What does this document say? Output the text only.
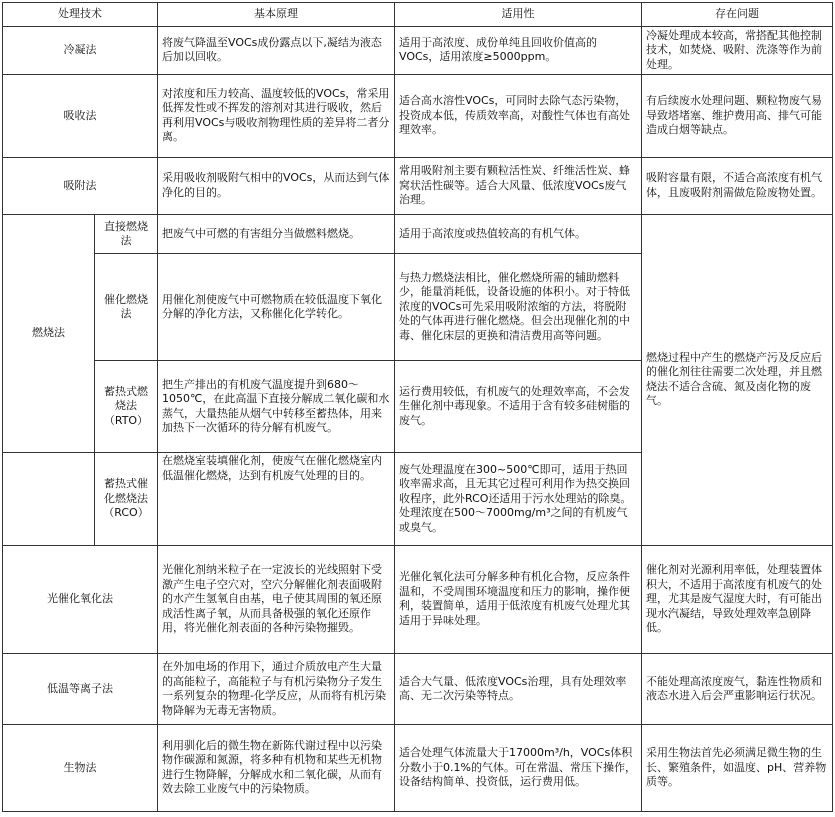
处理技术		基本原理	适用性	存在问题
冷凝法		将废气降温至VOCs成份露点以下,凝结为液态后加以回收。	适用于高浓度、成份单纯且回收价值高的VOCs，适用浓度≥5000ppm。	冷凝处理成本较高，常搭配其他控制技术，如焚烧、吸附、洗涤等作为前处理。
吸收法		对浓度和压力较高、温度较低的VOCs，常采用低挥发性或不挥发的溶剂对其进行吸收，然后再利用VOCs与吸收剂物理性质的差异将二者分离。	适合高水溶性VOCs，可同时去除气态污染物，投资成本低，传质效率高，对酸性气体也有高处理效率。	有后续废水处理问题、颗粒物废气易导致塔堵塞、维护费用高、排气可能造成白烟等缺点。
吸附法		采用吸收剂吸附气相中的VOCs，从而达到气体净化的目的。	常用吸附剂主要有颗粒活性炭、纤维活性炭、蜂窝状活性碳等。适合大风量、低浓度VOCs废气治理。	吸附容量有限，不适合高浓度有机气体，且废吸附剂需做危险废物处置。
燃烧法	直接燃烧法	把废气中可燃的有害组分当做燃料燃烧。	适用于高浓度或热值较高的有机气体。	燃烧过程中产生的燃烧产污及反应后的催化剂往往需要二次处理，并且燃烧法不适合含硫、氮及卤化物的废气。
	催化燃烧法	用催化剂使废气中可燃物质在较低温度下氧化分解的净化方法，又称催化化学转化。	与热力燃烧法相比，催化燃烧所需的辅助燃料少，能量消耗低，设备设施的体积小。对于特低浓度的VOCs可先采用吸附浓缩的方法，将脱附处的气体再进行催化燃烧。但会出现催化剂的中毒、催化床层的更换和清洁费用高等问题。	
	蓄热式燃烧法（RTO）	把生产排出的有机废气温度提升到680～1050℃，在此高温下直接分解成二氧化碳和水蒸气，大量热能从烟气中转移至蓄热体，用来加热下一次循环的待分解有机废气。	运行费用较低，有机废气的处理效率高，不会发生催化剂中毒现象。不适用于含有较多硅树脂的废气。	
	蓄热式催化燃烧法（RCO）	在燃烧室装填催化剂，使废气在催化燃烧室内低温催化燃烧，达到有机废气处理的目的。	废气处理温度在300~500℃即可，适用于热回收率需求高，且无其它过程可利用作为热交换回收程序，此外RCO还适用于污水处理站的除臭。处理浓度在500～7000mg/m³之间的有机废气或臭气。	
光催化氧化法		光催化剂纳米粒子在一定波长的光线照射下受激产生电子空穴对，空穴分解催化剂表面吸附的水产生氢氧自由基，电子使其周围的氧还原成活性离子氧，从而具备极强的氧化还原作用，将光催化剂表面的各种污染物摧毁。	光催化氧化法可分解多种有机化合物，反应条件温和，不受周围环境温度和压力的影响，操作便利，装置简单，适用于低浓度有机废气处理尤其适用于异味处理。	催化剂对光源利用率低，处理装置体积大，不适用于高浓度有机废气的处理，尤其是废气湿度大时，有可能出现水汽凝结，导致处理效率急剧降低。
低温等离子法		在外加电场的作用下，通过介质放电产生大量的高能粒子，高能粒子与有机污染物分子发生一系列复杂的物理-化学反应，从而将有机污染物降解为无毒无害物质。	适合大气量、低浓度VOCs治理，具有处理效率高、无二次污染等特点。	不能处理高浓度废气，黏连性物质和液态水进入后会严重影响运行状况。
生物法		利用驯化后的微生物在新陈代谢过程中以污染物作碳源和氮源，将多种有机物和某些无机物进行生物降解，分解成水和二氧化碳，从而有效去除工业废气中的污染物质。	适合处理气体流量大于17000m³/h，VOCs体积分数小于0.1%的气体。可在常温、常压下操作，设备结构简单、投资低，运行费用低。	采用生物法首先必须满足微生物的生长、繁殖条件，如温度、pH、营养物质等。
